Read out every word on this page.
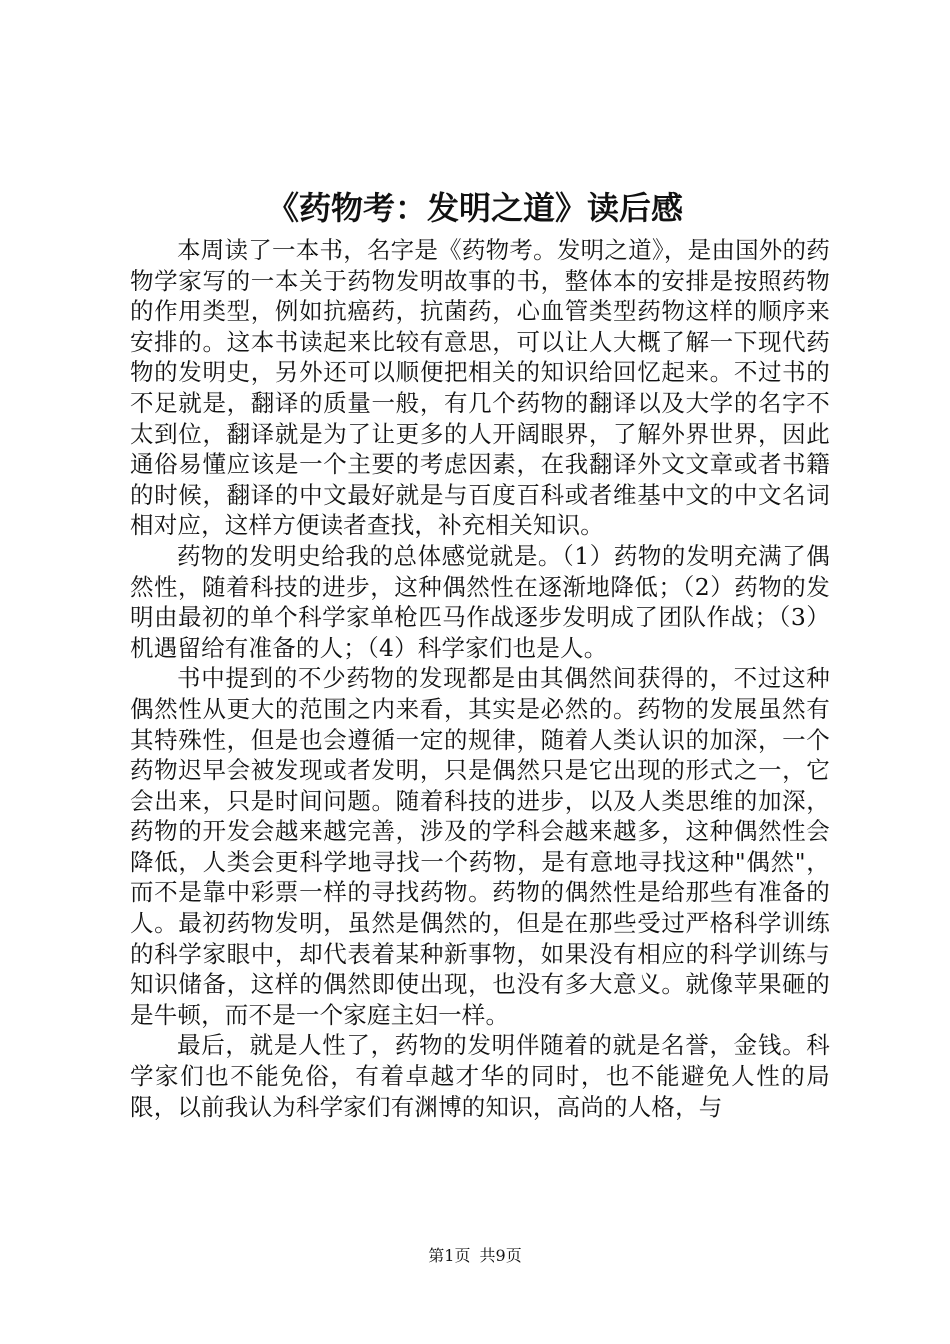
《药物考：发明之道》读后感

本周读了一本书，名字是《药物考。发明之道》，是由国外的药物学家写的一本关于药物发明故事的书，整体本的安排是按照药物的作用类型，例如抗癌药，抗菌药，心血管类型药物这样的顺序来安排的。这本书读起来比较有意思，可以让人大概了解一下现代药物的发明史，另外还可以顺便把相关的知识给回忆起来。不过书的不足就是，翻译的质量一般，有几个药物的翻译以及大学的名字不太到位，翻译就是为了让更多的人开阔眼界，了解外界世界，因此通俗易懂应该是一个主要的考虑因素，在我翻译外文文章或者书籍的时候，翻译的中文最好就是与百度百科或者维基中文的中文名词相对应，这样方便读者查找，补充相关知识。

药物的发明史给我的总体感觉就是。（1）药物的发明充满了偶然性，随着科技的进步，这种偶然性在逐渐地降低；（2）药物的发明由最初的单个科学家单枪匹马作战逐步发明成了团队作战；（3）机遇留给有准备的人；（4）科学家们也是人。

书中提到的不少药物的发现都是由其偶然间获得的，不过这种偶然性从更大的范围之内来看，其实是必然的。药物的发展虽然有其特殊性，但是也会遵循一定的规律，随着人类认识的加深，一个药物迟早会被发现或者发明，只是偶然只是它出现的形式之一，它会出来，只是时间问题。随着科技的进步，以及人类思维的加深，药物的开发会越来越完善，涉及的学科会越来越多，这种偶然性会降低，人类会更科学地寻找一个药物，是有意地寻找这种"偶然"，而不是靠中彩票一样的寻找药物。药物的偶然性是给那些有准备的人。最初药物发明，虽然是偶然的，但是在那些受过严格科学训练的科学家眼中，却代表着某种新事物，如果没有相应的科学训练与知识储备，这样的偶然即使出现，也没有多大意义。就像苹果砸的是牛顿，而不是一个家庭主妇一样。

最后，就是人性了，药物的发明伴随着的就是名誉，金钱。科学家们也不能免俗，有着卓越才华的同时，也不能避免人性的局限，以前我认为科学家们有渊博的知识，高尚的人格，与

第1页 共9页
